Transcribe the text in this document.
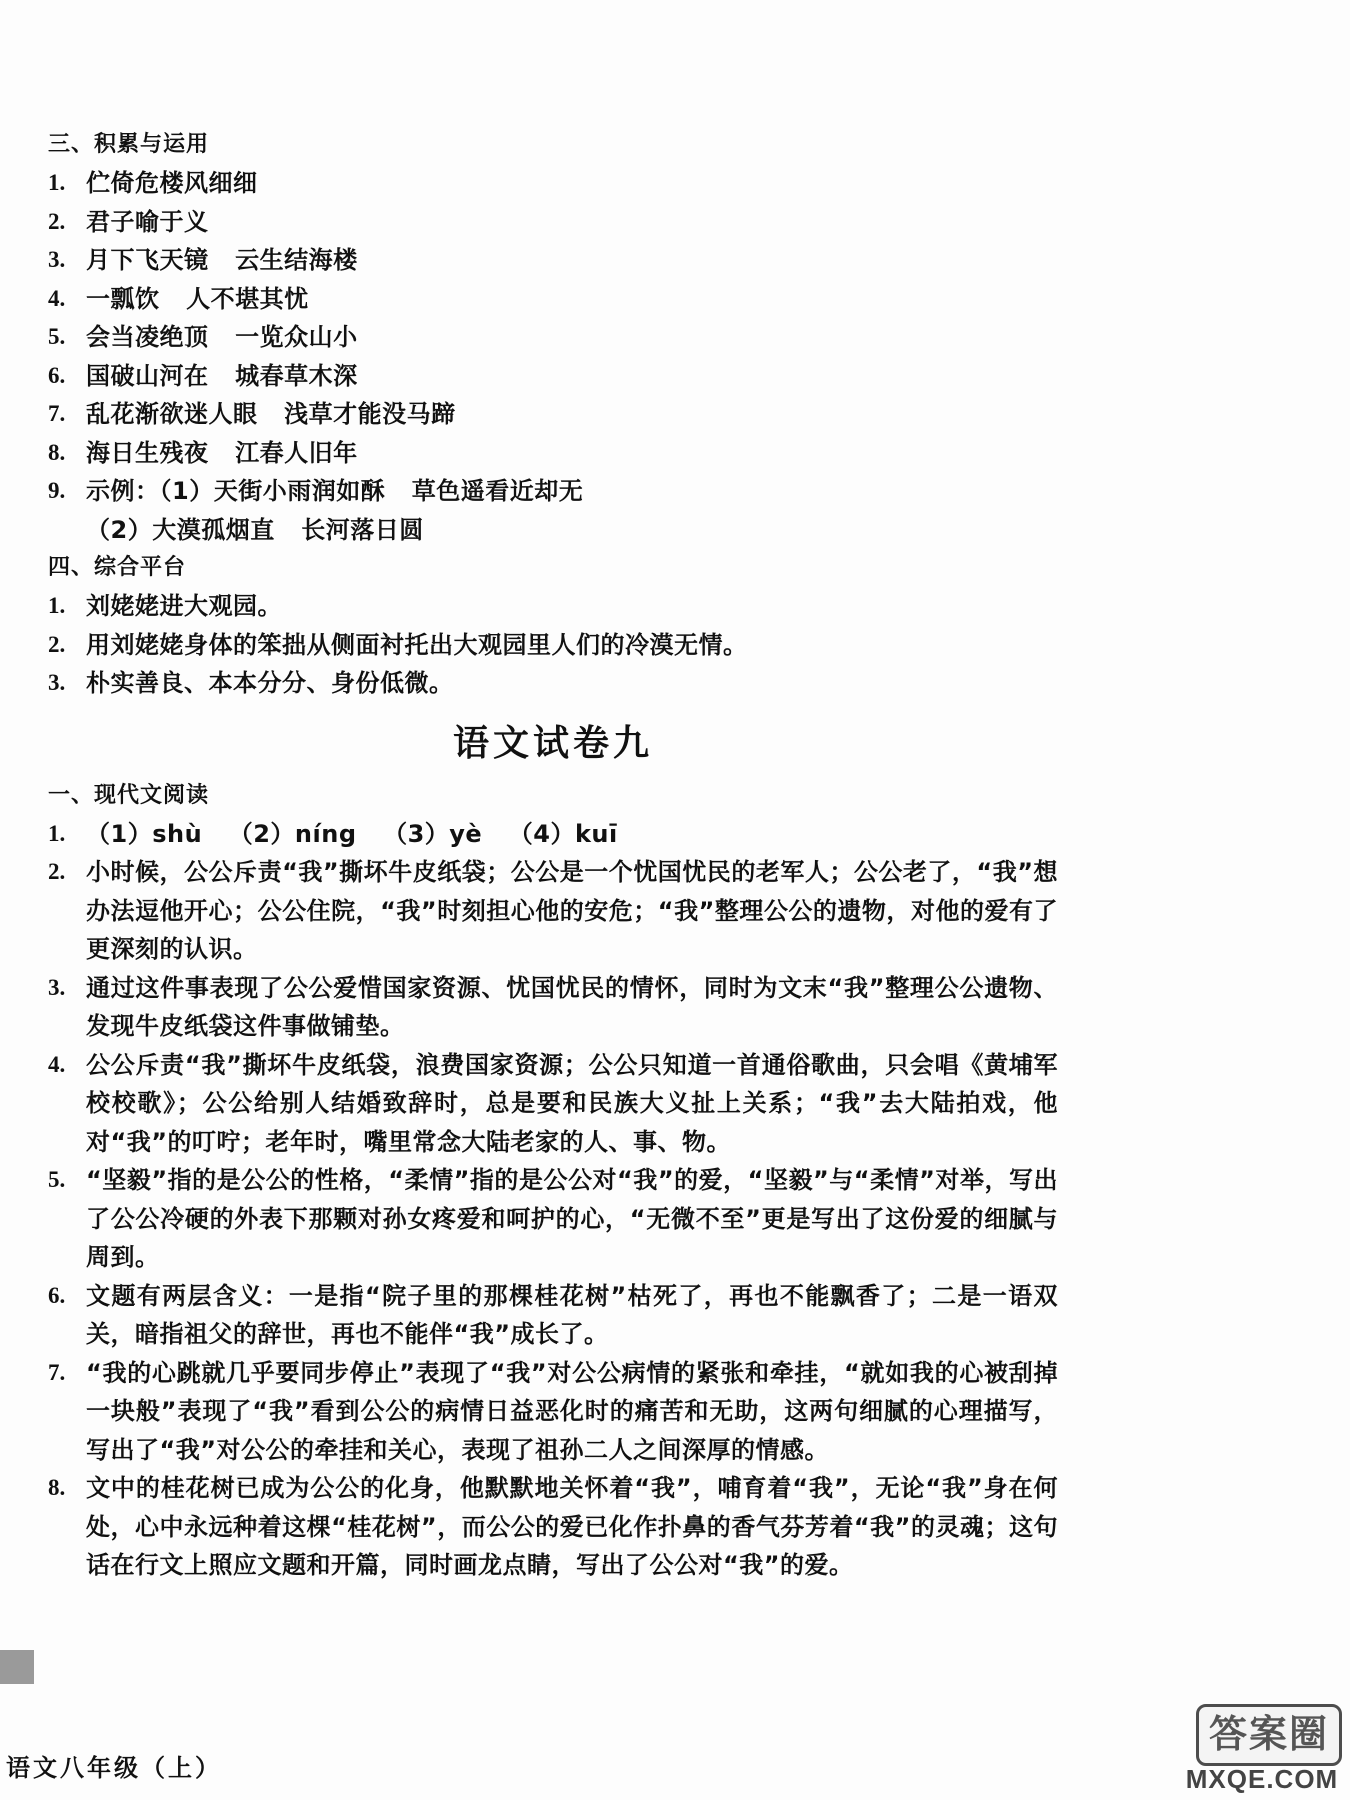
三、积累与运用
1. 伫倚危楼风细细
2. 君子喻于义
3. 月下飞天镜   云生结海楼
4. 一瓢饮   人不堪其忧
5. 会当凌绝顶   一览众山小
6. 国破山河在   城春草木深
7. 乱花渐欲迷人眼   浅草才能没马蹄
8. 海日生残夜   江春人旧年
9. 示例：（1）天街小雨润如酥   草色遥看近却无
（2）大漠孤烟直   长河落日圆
四、综合平台
1. 刘姥姥进大观园。
2. 用刘姥姥身体的笨拙从侧面衬托出大观园里人们的冷漠无情。
3. 朴实善良、本本分分、身份低微。
语文试卷九
一、现代文阅读
1. （1）shù   （2）níng   （3）yè   （4）kuī
2. 小时候，公公斥责“我”撕坏牛皮纸袋；公公是一个忧国忧民的老军人；公公老了，“我”想办法逗他开心；公公住院，“我”时刻担心他的安危；“我”整理公公的遗物，对他的爱有了更深刻的认识。
3. 通过这件事表现了公公爱惜国家资源、忧国忧民的情怀，同时为文末“我”整理公公遗物、发现牛皮纸袋这件事做铺垫。
4. 公公斥责“我”撕坏牛皮纸袋，浪费国家资源；公公只知道一首通俗歌曲，只会唱《黄埔军校校歌》；公公给别人结婚致辞时，总是要和民族大义扯上关系；“我”去大陆拍戏，他对“我”的叮咛；老年时，嘴里常念大陆老家的人、事、物。
5. “坚毅”指的是公公的性格，“柔情”指的是公公对“我”的爱，“坚毅”与“柔情”对举，写出了公公冷硬的外表下那颗对孙女疼爱和呵护的心，“无微不至”更是写出了这份爱的细腻与周到。
6. 文题有两层含义：一是指“院子里的那棵桂花树”枯死了，再也不能飘香了；二是一语双关，暗指祖父的辞世，再也不能伴“我”成长了。
7. “我的心跳就几乎要同步停止”表现了“我”对公公病情的紧张和牵挂，“就如我的心被刮掉一块般”表现了“我”看到公公的病情日益恶化时的痛苦和无助，这两句细腻的心理描写，写出了“我”对公公的牵挂和关心，表现了祖孙二人之间深厚的情感。
8. 文中的桂花树已成为公公的化身，他默默地关怀着“我”，哺育着“我”，无论“我”身在何处，心中永远种着这棵“桂花树”，而公公的爱已化作扑鼻的香气芬芳着“我”的灵魂；这句话在行文上照应文题和开篇，同时画龙点睛，写出了公公对“我”的爱。
语文八年级（上）
答案圈
MXQE.COM
